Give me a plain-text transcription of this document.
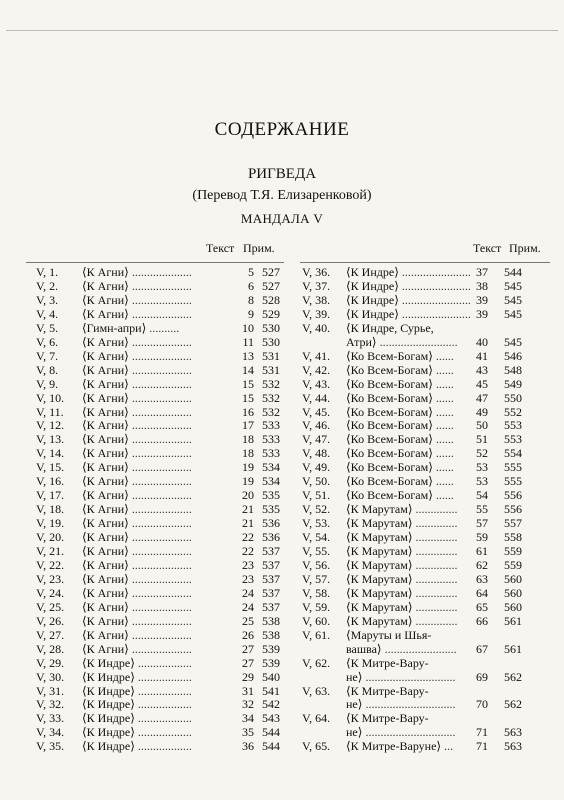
СОДЕРЖАНИЕ
РИГВЕДА
(Перевод Т.Я. Елизаренковой)
МАНДАЛА V
Текст Прим.	Текст Прим.
V, 1.	⟨К Агни⟩	5 527
....................
V, 2.	⟨К Агни⟩	6 527
....................
V, 3.	⟨К Агни⟩	8 528
....................
V, 4.	⟨К Агни⟩	9 529
....................
V, 5.	⟨Гимн-апри⟩	10 530
..........
V, 6.	⟨К Агни⟩	11 530
....................
V, 7.	⟨К Агни⟩	13 531
....................
V, 8.	⟨К Агни⟩	14 531
....................
V, 9.	⟨К Агни⟩	15 532
....................
V, 10.	⟨К Агни⟩	15 532
....................
V, 11.	⟨К Агни⟩	16 532
....................
V, 12.	⟨К Агни⟩	17 533
....................
V, 13.	⟨К Агни⟩	18 533
....................
V, 14.	⟨К Агни⟩	18 533
....................
V, 15.	⟨К Агни⟩	19 534
....................
V, 16.	⟨К Агни⟩	19 534
....................
V, 17.	⟨К Агни⟩	20 535
....................
V, 18.	⟨К Агни⟩	21 535
....................
V, 19.	⟨К Агни⟩	21 536
....................
V, 20.	⟨К Агни⟩	22 536
....................
V, 21.	⟨К Агни⟩	22 537
....................
V, 22.	⟨К Агни⟩	23 537
....................
V, 23.	⟨К Агни⟩	23 537
....................
V, 24.	⟨К Агни⟩	24 537
....................
V, 25.	⟨К Агни⟩	24 537
....................
V, 26.	⟨К Агни⟩	25 538
....................
V, 27.	⟨К Агни⟩	26 538
....................
V, 28.	⟨К Агни⟩	27 539
....................
V, 29.	⟨К Индре⟩	27 539
..................
V, 30.	⟨К Индре⟩	29 540
..................
V, 31.	⟨К Индре⟩	31 541
..................
V, 32.	⟨К Индре⟩	32 542
..................
V, 33.	⟨К Индре⟩	34 543
..................
V, 34.	⟨К Индре⟩	35 544
..................
V, 35.	⟨К Индре⟩	36 544
..................
V, 36.	⟨К Индре⟩	37	544
.......................
V, 37.	⟨К Индре⟩	38	545
.......................
V, 38.	⟨К Индре⟩	39	545
.......................
V, 39.	⟨К Индре⟩	39	545
.......................
V, 40.	⟨К Индре, Сурье,
Атри⟩	40	545
..........................
V, 41.	⟨Ко Всем-Богам⟩	41	546
......
V, 42.	⟨Ко Всем-Богам⟩	43	548
......
V, 43.	⟨Ко Всем-Богам⟩	45	549
......
V, 44.	⟨Ко Всем-Богам⟩	47	550
......
V, 45.	⟨Ко Всем-Богам⟩	49	552
......
V, 46.	⟨Ко Всем-Богам⟩	50	553
......
V, 47.	⟨Ко Всем-Богам⟩	51	553
......
V, 48.	⟨Ко Всем-Богам⟩	52	554
......
V, 49.	⟨Ко Всем-Богам⟩	53	555
......
V, 50.	⟨Ко Всем-Богам⟩	53	555
......
V, 51.	⟨Ко Всем-Богам⟩	54	556
......
V, 52.	⟨К Марутам⟩	55	556
..............
V, 53.	⟨К Марутам⟩	57	557
..............
V, 54.	⟨К Марутам⟩	59	558
..............
V, 55.	⟨К Марутам⟩	61	559
..............
V, 56.	⟨К Марутам⟩	62	559
..............
V, 57.	⟨К Марутам⟩	63	560
..............
V, 58.	⟨К Марутам⟩	64	560
..............
V, 59.	⟨К Марутам⟩	65	560
..............
V, 60.	⟨К Марутам⟩	66	561
..............
V, 61.	⟨Маруты и Шья-
вашва⟩	67	561
........................
V, 62.	⟨К Митре-Вару-
не⟩	69	562
..............................
V, 63.	⟨К Митре-Вару-
не⟩	70	562
..............................
V, 64.	⟨К Митре-Вару-
не⟩	71	563
..............................
V, 65.	⟨К Митре-Варуне⟩	71	563
...
